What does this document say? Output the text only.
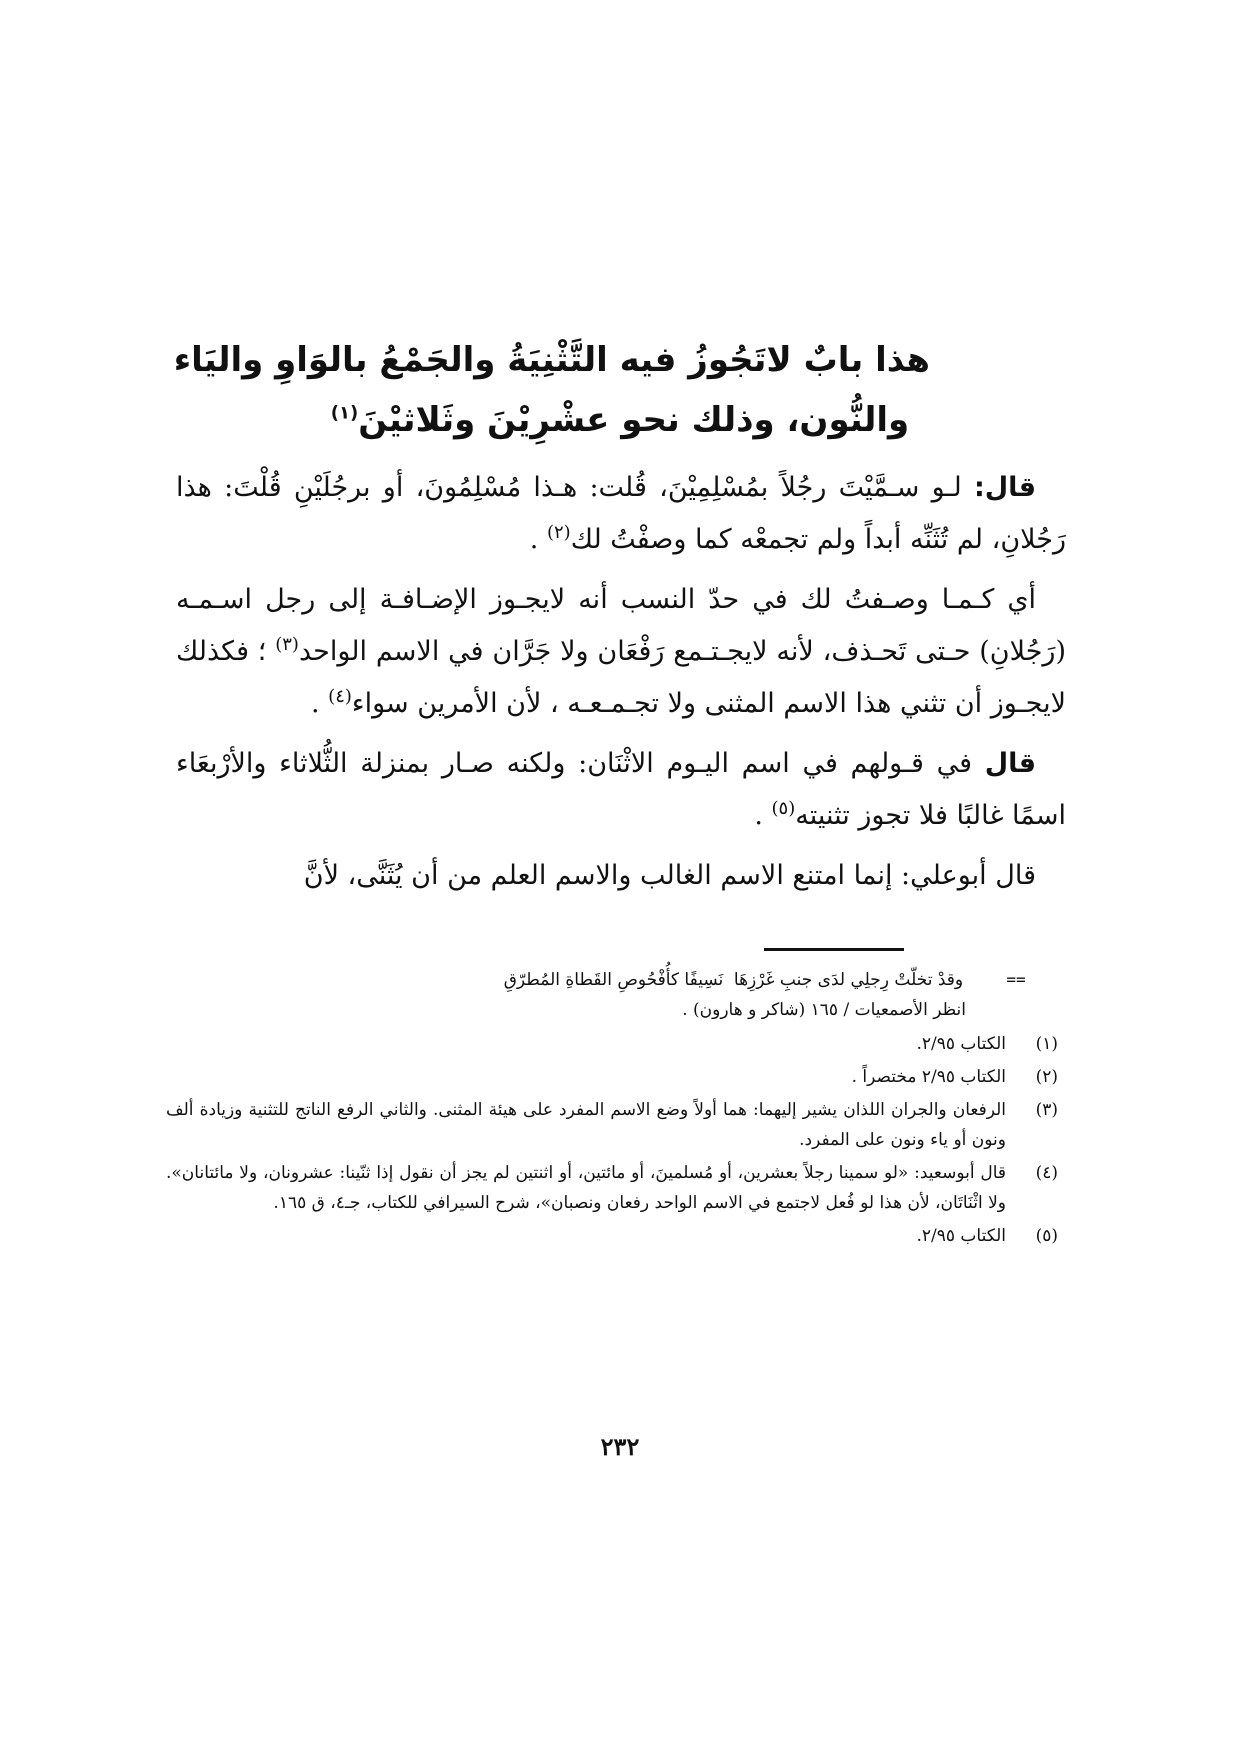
هذا بابٌ لاتَجُوزُ فيه التَّثْنِيَةُ والجَمْعُ بالوَاوِ واليَاء
والنُّون، وذلك نحو عشْرِيْنَ وثَلاثيْنَ$^{(١)}$

قال: لـو سـمَّيْتَ رجُلاً بمُسْلِمِيْنَ، قُلت: هـذا مُسْلِمُونَ، أو برجُلَيْنِ قُلْتَ: هذا رَجُلانِ، لم تُثَنِّه أبداً ولم تجمعْه كما وصفْتُ لك$^{(٢)}$ .

أي كـمـا وصـفتُ لك في حدّ النسب أنه لايجـوز الإضـافـة إلى رجل اسـمـه (رَجُلانِ) حـتى تَحـذف، لأنه لايجـتـمع رَفْعَان ولا جَرَّان في الاسم الواحد$^{(٣)}$ ؛ فكذلك لايجـوز أن تثني هذا الاسم المثنى ولا تجـمـعـه ، لأن الأمرين سواء$^{(٤)}$ .

قال في قـولهم في اسم اليـوم الاثْنَان: ولكنه صـار بمنزلة الثُّلاثاء والأرْبعَاء اسمًا غالبًا فلا تجوز تثنيته$^{(٥)}$ .

قال أبوعلي: إنما امتنع الاسم الغالب والاسم العلم من أن يُثَنَّى، لأنَّ

==
وقدْ تخلّتْ رِجلِي لدَى جنبِ غَرْزِهَا
نَسِيفًا كأُفْحُوصِ القَطاةِ المُطرّقِ
انظر الأصمعيات / ١٦٥ (شاكر و هارون) .
(١)
الكتاب ٢/٩٥.
(٢)
الكتاب ٢/٩٥ مختصراً .
(٣)
الرفعان والجران اللذان يشير إليهما: هما أولاً وضع الاسم المفرد على هيئة المثنى. والثاني الرفع الناتج للتثنية وزيادة ألف ونون أو ياء ونون على المفرد.
(٤)
قال أبوسعيد: «لو سمينا رجلاً بعشرين، أو مُسلمينَ، أو مائتين، أو اثنتين لم يجز أن نقول إذا ثنّينا: عشرونان، ولا مائتانان». ولا اثْنَاتَان، لأن هذا لو فُعل لاجتمع في الاسم الواحد رفعان ونصبان»، شرح السيرافي للكتاب، جـ٤، ق ١٦٥.
(٥)
الكتاب ٢/٩٥.
٢٣٢
